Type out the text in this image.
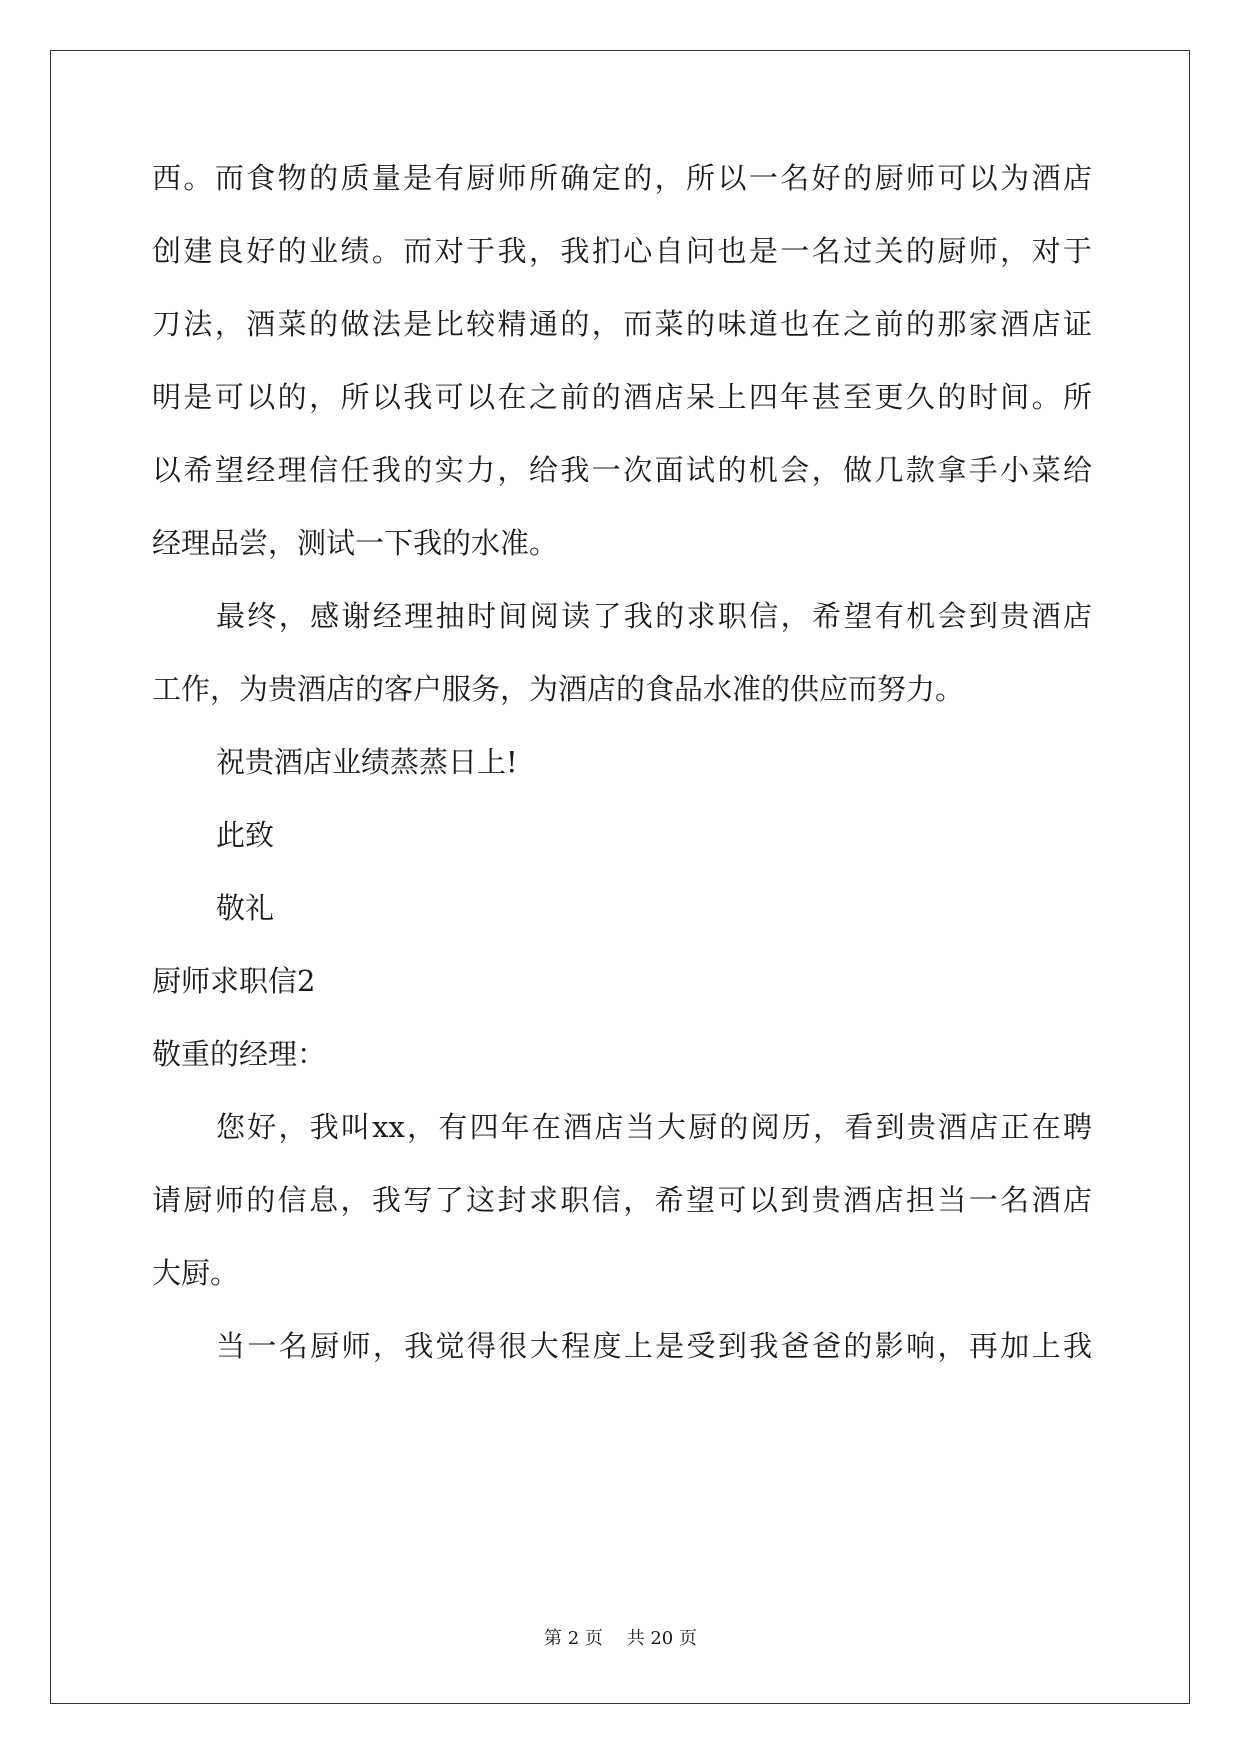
西。而食物的质量是有厨师所确定的，所以一名好的厨师可以为酒店
创建良好的业绩。而对于我，我扪心自问也是一名过关的厨师，对于
刀法，酒菜的做法是比较精通的，而菜的味道也在之前的那家酒店证
明是可以的，所以我可以在之前的酒店呆上四年甚至更久的时间。所
以希望经理信任我的实力，给我一次面试的机会，做几款拿手小菜给
经理品尝，测试一下我的水准。
最终，感谢经理抽时间阅读了我的求职信，希望有机会到贵酒店
工作，为贵酒店的客户服务，为酒店的食品水准的供应而努力。
祝贵酒店业绩蒸蒸日上!
此致
敬礼
厨师求职信2
敬重的经理：
您好，我叫xx，有四年在酒店当大厨的阅历，看到贵酒店正在聘
请厨师的信息，我写了这封求职信，希望可以到贵酒店担当一名酒店
大厨。
当一名厨师，我觉得很大程度上是受到我爸爸的影响，再加上我
第 2 页　 共 20 页
